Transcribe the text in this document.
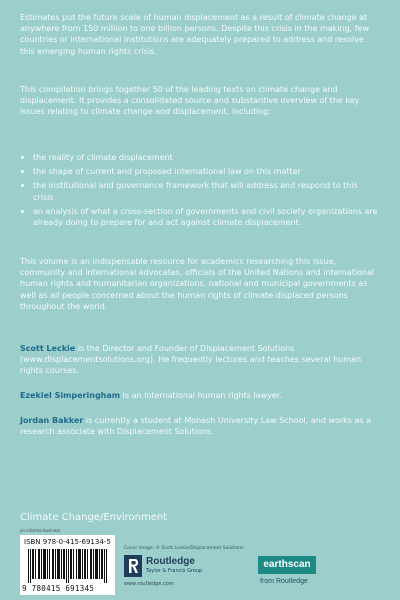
Estimates put the future scale of human displacement as a result of climate change at anywhere from 150 million to one billion persons. Despite this crisis in the making, few countries or international institutions are adequately prepared to address and resolve this emerging human rights crisis.

This compilation brings together 50 of the leading texts on climate change and displacement. It provides a consolidated source and substantive overview of the key issues relating to climate change and displacement, including:

the reality of climate displacement
the shape of current and proposed international law on this matter
the institutional and governance framework that will address and respond to this crisis
an analysis of what a cross-section of governments and civil society organizations are already doing to prepare for and act against climate displacement.

This volume is an indispensable resource for academics researching this issue, community and international advocates, officials of the United Nations and international human rights and humanitarian organizations, national and municipal governments as well as all people concerned about the human rights of climate displaced persons throughout the world.

Scott Leckie is the Director and Founder of Displacement Solutions (www.displacementsolutions.org). He frequently lectures and teaches several human rights courses.

Ezekiel Simperingham is an international human rights lawyer.

Jordan Bakker is currently a student at Monash University Law School, and works as a research associate with Displacement Solutions.

Climate Change/Environment
an informa business
ISBN 978-0-415-69134-5
9 780415 691345
Cover image: © Scott Leckie/Displacement Solutions.
Routledge
Taylor & Francis Group
www.routledge.com
earthscan
from Routledge
